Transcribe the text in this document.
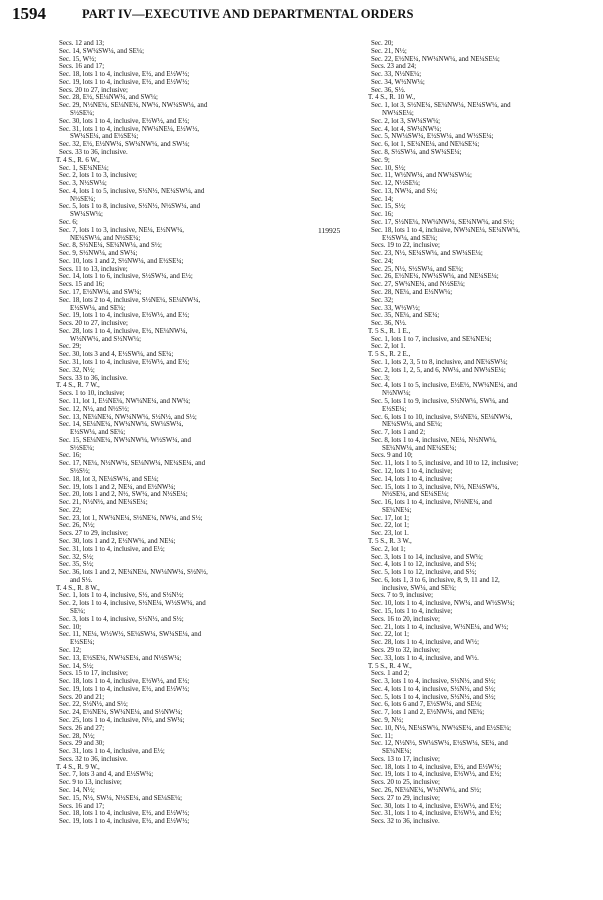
1594	PART IV—EXECUTIVE AND DEPARTMENTAL ORDERS
Secs. 12 and 13;
Sec. 14, SW¼SW¼, and SE¼;
Sec. 15, W½;
Secs. 16 and 17;
Sec. 18, lots 1 to 4, inclusive, E½, and E½W½;
Sec. 19, lots 1 to 4, inclusive, E½, and E½W½;
Secs. 20 to 27, inclusive;
Sec. 28, E½, SE¼NW¼, and SW¼;
Sec. 29, N½NE¼, SE¼NE¼, NW¼, NW¼SW¼, and
S½SE¼;
Sec. 30, lots 1 to 4, inclusive, E½W½, and E½;
Sec. 31, lots 1 to 4, inclusive, NW¼NE¼, E½W½,
SW¼SE¼, and E½SE¼;
Sec. 32, E½, E½NW¼, SW¼NW¼, and SW¼;
Secs. 33 to 36, inclusive.
T. 4 S., R. 6 W.,
Sec. 1, SE¼NE¼;
Sec. 2, lots 1 to 3, inclusive;
Sec. 3, N½SW¼;
Sec. 4, lots 1 to 5, inclusive, S½N½, NE¼SW¼, and
N½SE¼;
Sec. 5, lots 1 to 8, inclusive, S½N½, N½SW¼, and
SW¼SW¼;
Sec. 6;
Sec. 7, lots 1 to 3, inclusive, NE¼, E½NW¼,
NE¼SW¼, and N½SE¼;
Sec. 8, S½NE¼, SE¼NW¼, and S½;
Sec. 9, S½NW¼, and SW¼;
Sec. 10, lots 1 and 2, S½NW¼, and E½SE¼;
Secs. 11 to 13, inclusive;
Sec. 14, lots 1 to 6, inclusive, S½SW¼, and E½;
Secs. 15 and 16;
Sec. 17, E½NW¼, and SW¼;
Sec. 18, lots 2 to 4, inclusive, S½NE¼, SE¼NW¼,
E½SW¼, and SE¼;
Sec. 19, lots 1 to 4, inclusive, E½W½, and E½;
Secs. 20 to 27, inclusive;
Sec. 28, lots 1 to 4, inclusive, E½, NE¼NW¼,
W½NW¼, and S½NW¼;
Sec. 29;
Sec. 30, lots 3 and 4, E½SW¼, and SE¼;
Sec. 31, lots 1 to 4, inclusive, E½W½, and E½;
Sec. 32, N½;
Secs. 33 to 36, inclusive.
T. 4 S., R. 7 W.,
Secs. 1 to 10, inclusive;
Sec. 11, lot 1, E½NE¼, NW¼NE¼, and NW¼;
Sec. 12, N½, and N½S½;
Sec. 13, NE¼NE¼, NW¼NW¼, S½N½, and S½;
Sec. 14, SE¼NE¼, NW¼NW¼, SW¼SW¼,
E½SW¼, and SE¼;
Sec. 15, SE¼NE¼, NW¼NW¼, W½SW¼, and
S½SE¼;
Sec. 16;
Sec. 17, NE¼, N½NW¼, SE¼NW¼, NE¼SE¼, and
S½S½;
Sec. 18, lot 3, NE¼SW¼, and SE¼;
Sec. 19, lots 1 and 2, NE¼, and E½NW¼;
Sec. 20, lots 1 and 2, N½, SW¼, and N½SE¼;
Sec. 21, N½N½, and NE¼SE¼;
Sec. 22;
Sec. 23, lot 1, NW¼NE¼, S½NE¼, NW¼, and S½;
Sec. 26, N½;
Secs. 27 to 29, inclusive;
Sec. 30, lots 1 and 2, E½NW¼, and NE¼;
Sec. 31, lots 1 to 4, inclusive, and E½;
Sec. 32, S½;
Sec. 35, S½;
Sec. 36, lots 1 and 2, NE¼NE¼, NW¼NW¼, S½N½,
and S½.
T. 4 S., R. 8 W.,
Sec. 1, lots 1 to 4, inclusive, S½, and S½N½;
Sec. 2, lots 1 to 4, inclusive, S½NE¼, W½SW¼, and
SE¼;
Sec. 3, lots 1 to 4, inclusive, S½N½, and S½;
Sec. 10;
Sec. 11, NE¼, W½W½, SE¼SW¼, SW¼SE¼, and
E½SE¼;
Sec. 12;
Sec. 13, E½SE¼, NW¼SE¼, and N½SW¼;
Sec. 14, S½;
Secs. 15 to 17, inclusive;
Sec. 18, lots 1 to 4, inclusive, E½W½, and E½;
Sec. 19, lots 1 to 4, inclusive, E½, and E½W½;
Secs. 20 and 21;
Sec. 22, S½N½, and S½;
Sec. 24, E½NE¼, SW¼NE¼, and S½NW¼;
Sec. 25, lots 1 to 4, inclusive, N½, and SW¼;
Secs. 26 and 27;
Sec. 28, N½;
Secs. 29 and 30;
Sec. 31, lots 1 to 4, inclusive, and E½;
Secs. 32 to 36, inclusive.
T. 4 S., R. 9 W.,
Sec. 7, lots 3 and 4, and E½SW¼;
Sec. 9 to 13, inclusive;
Sec. 14, N½;
Sec. 15, N½, SW¼, N½SE¼, and SE¼SE¼;
Secs. 16 and 17;
Sec. 18, lots 1 to 4, inclusive, E½, and E½W½;
Sec. 19, lots 1 to 4, inclusive, E½, and E½W½;
119925
Sec. 20;
Sec. 21, N½;
Sec. 22, E½NE¼, NW¼NW¼, and NE¼SE¼;
Secs. 23 and 24;
Sec. 33, N½NE¼;
Sec. 34, W½NW¼;
Sec. 36, S½.
T. 4 S., R. 10 W.,
Sec. 1, lot 3, S½NE¼, SE¼NW¼, NE¼SW¼, and
NW¼SE¼;
Sec. 2, lot 3, SW¼SW¼;
Sec. 4, lot 4, SW¼NW¼;
Sec. 5, NW¼SW¼, E½SW¼, and W½SE¼;
Sec. 6, lot 1, SE¼NE¼, and NE¼SE¼;
Sec. 8, S½SW¼, and SW¼SE¼;
Sec. 9;
Sec. 10, S½;
Sec. 11, W½NW¼, and NW¼SW¼;
Sec. 12, N½SE¼;
Sec. 13, NW¼, and S½;
Sec. 14;
Sec. 15, S½;
Sec. 16;
Sec. 17, S½NE¼, NW¼NW¼, SE¼NW¼, and S½;
Sec. 18, lots 1 to 4, inclusive, NW¼NE¼, SE¼NW¼,
E½SW¼, and SE¼;
Secs. 19 to 22, inclusive;
Sec. 23, N½, SE¼SW¼, and SW¼SE¼;
Sec. 24;
Sec. 25, N½, S½SW¼, and SE¼;
Sec. 26, E½NE¼, NW¼SW¼, and NE¼SE¼;
Sec. 27, SW¼NE¼, and N½SE¼;
Sec. 28, NE¼, and E½NW¼;
Sec. 32;
Sec. 33, W½W½;
Sec. 35, NE¼, and SE¼;
Sec. 36, N½.
T. 5 S., R. 1 E.,
Sec. 1, lots 1 to 7, inclusive, and SE¼NE¼;
Sec. 2, lot 1.
T. 5 S., R. 2 E.,
Sec. 1, lots 2, 3, 5 to 8, inclusive, and NE¼SW¼;
Sec. 2, lots 1, 2, 5, and 6, NW¼, and NW¼SE¼;
Sec. 3;
Sec. 4, lots 1 to 5, inclusive, E½E½, NW¼NE¼, and
N½NW¼;
Sec. 5, lots 1 to 9, inclusive, S½NW¼, SW¼, and
E½SE¼;
Sec. 6, lots 1 to 10, inclusive, S½NE¼, SE¼NW¼,
NE¼SW¼, and SE¼;
Sec. 7, lots 1 and 2;
Sec. 8, lots 1 to 4, inclusive, NE¼, N½NW¼,
SE¼NW¼, and NE¼SE¼;
Secs. 9 and 10;
Sec. 11, lots 1 to 5, inclusive, and 10 to 12, inclusive;
Sec. 12, lots 1 to 4, inclusive;
Sec. 14, lots 1 to 4, inclusive;
Sec. 15, lots 1 to 3, inclusive, N½, NE¼SW¼,
N½SE¼, and SE¼SE¼;
Sec. 16, lots 1 to 4, inclusive, N½NE¼, and
SE¼NE¼;
Sec. 17, lot 1;
Sec. 22, lot 1;
Sec. 23, lot 1.
T. 5 S., R. 3 W.,
Sec. 2, lot 1;
Sec. 3, lots 1 to 14, inclusive, and SW¼;
Sec. 4, lots 1 to 12, inclusive, and S½;
Sec. 5, lots 1 to 12, inclusive, and S½;
Sec. 6, lots 1, 3 to 6, inclusive, 8, 9, 11 and 12,
inclusive, SW¼, and SE¼;
Secs. 7 to 9, inclusive;
Sec. 10, lots 1 to 4, inclusive, NW¼, and W½SW¼;
Sec. 15, lots 1 to 4, inclusive;
Secs. 16 to 20, inclusive;
Sec. 21, lots 1 to 4, inclusive, W½NE¼, and W½;
Sec. 22, lot 1;
Sec. 28, lots 1 to 4, inclusive, and W½;
Secs. 29 to 32, inclusive;
Sec. 33, lots 1 to 4, inclusive, and W½.
T. 5 S., R. 4 W.,
Secs. 1 and 2;
Sec. 3, lots 1 to 4, inclusive, S½N½, and S½;
Sec. 4, lots 1 to 4, inclusive, S½N½, and S½;
Sec. 5, lots 1 to 4, inclusive, S½N½, and S½;
Sec. 6, lots 6 and 7, E½SW¼, and SE¼;
Sec. 7, lots 1 and 2, E½NW¼, and NE¼;
Sec. 9, N½;
Sec. 10, N½, NE¼SW¼, NW¼SE¼, and E½SE¼;
Sec. 11;
Sec. 12, N½N½, SW¼SW¼, E½SW¼, SE¼, and
SE¼NE¼;
Secs. 13 to 17, inclusive;
Sec. 18, lots 1 to 4, inclusive, E½, and E½W½;
Sec. 19, lots 1 to 4, inclusive, E½W½, and E½;
Secs. 20 to 25, inclusive;
Sec. 26, NE¼NE¼, W½NW¼, and S½;
Secs. 27 to 29, inclusive;
Sec. 30, lots 1 to 4, inclusive, E½W½, and E½;
Sec. 31, lots 1 to 4, inclusive, E½W½, and E½;
Secs. 32 to 36, inclusive.
